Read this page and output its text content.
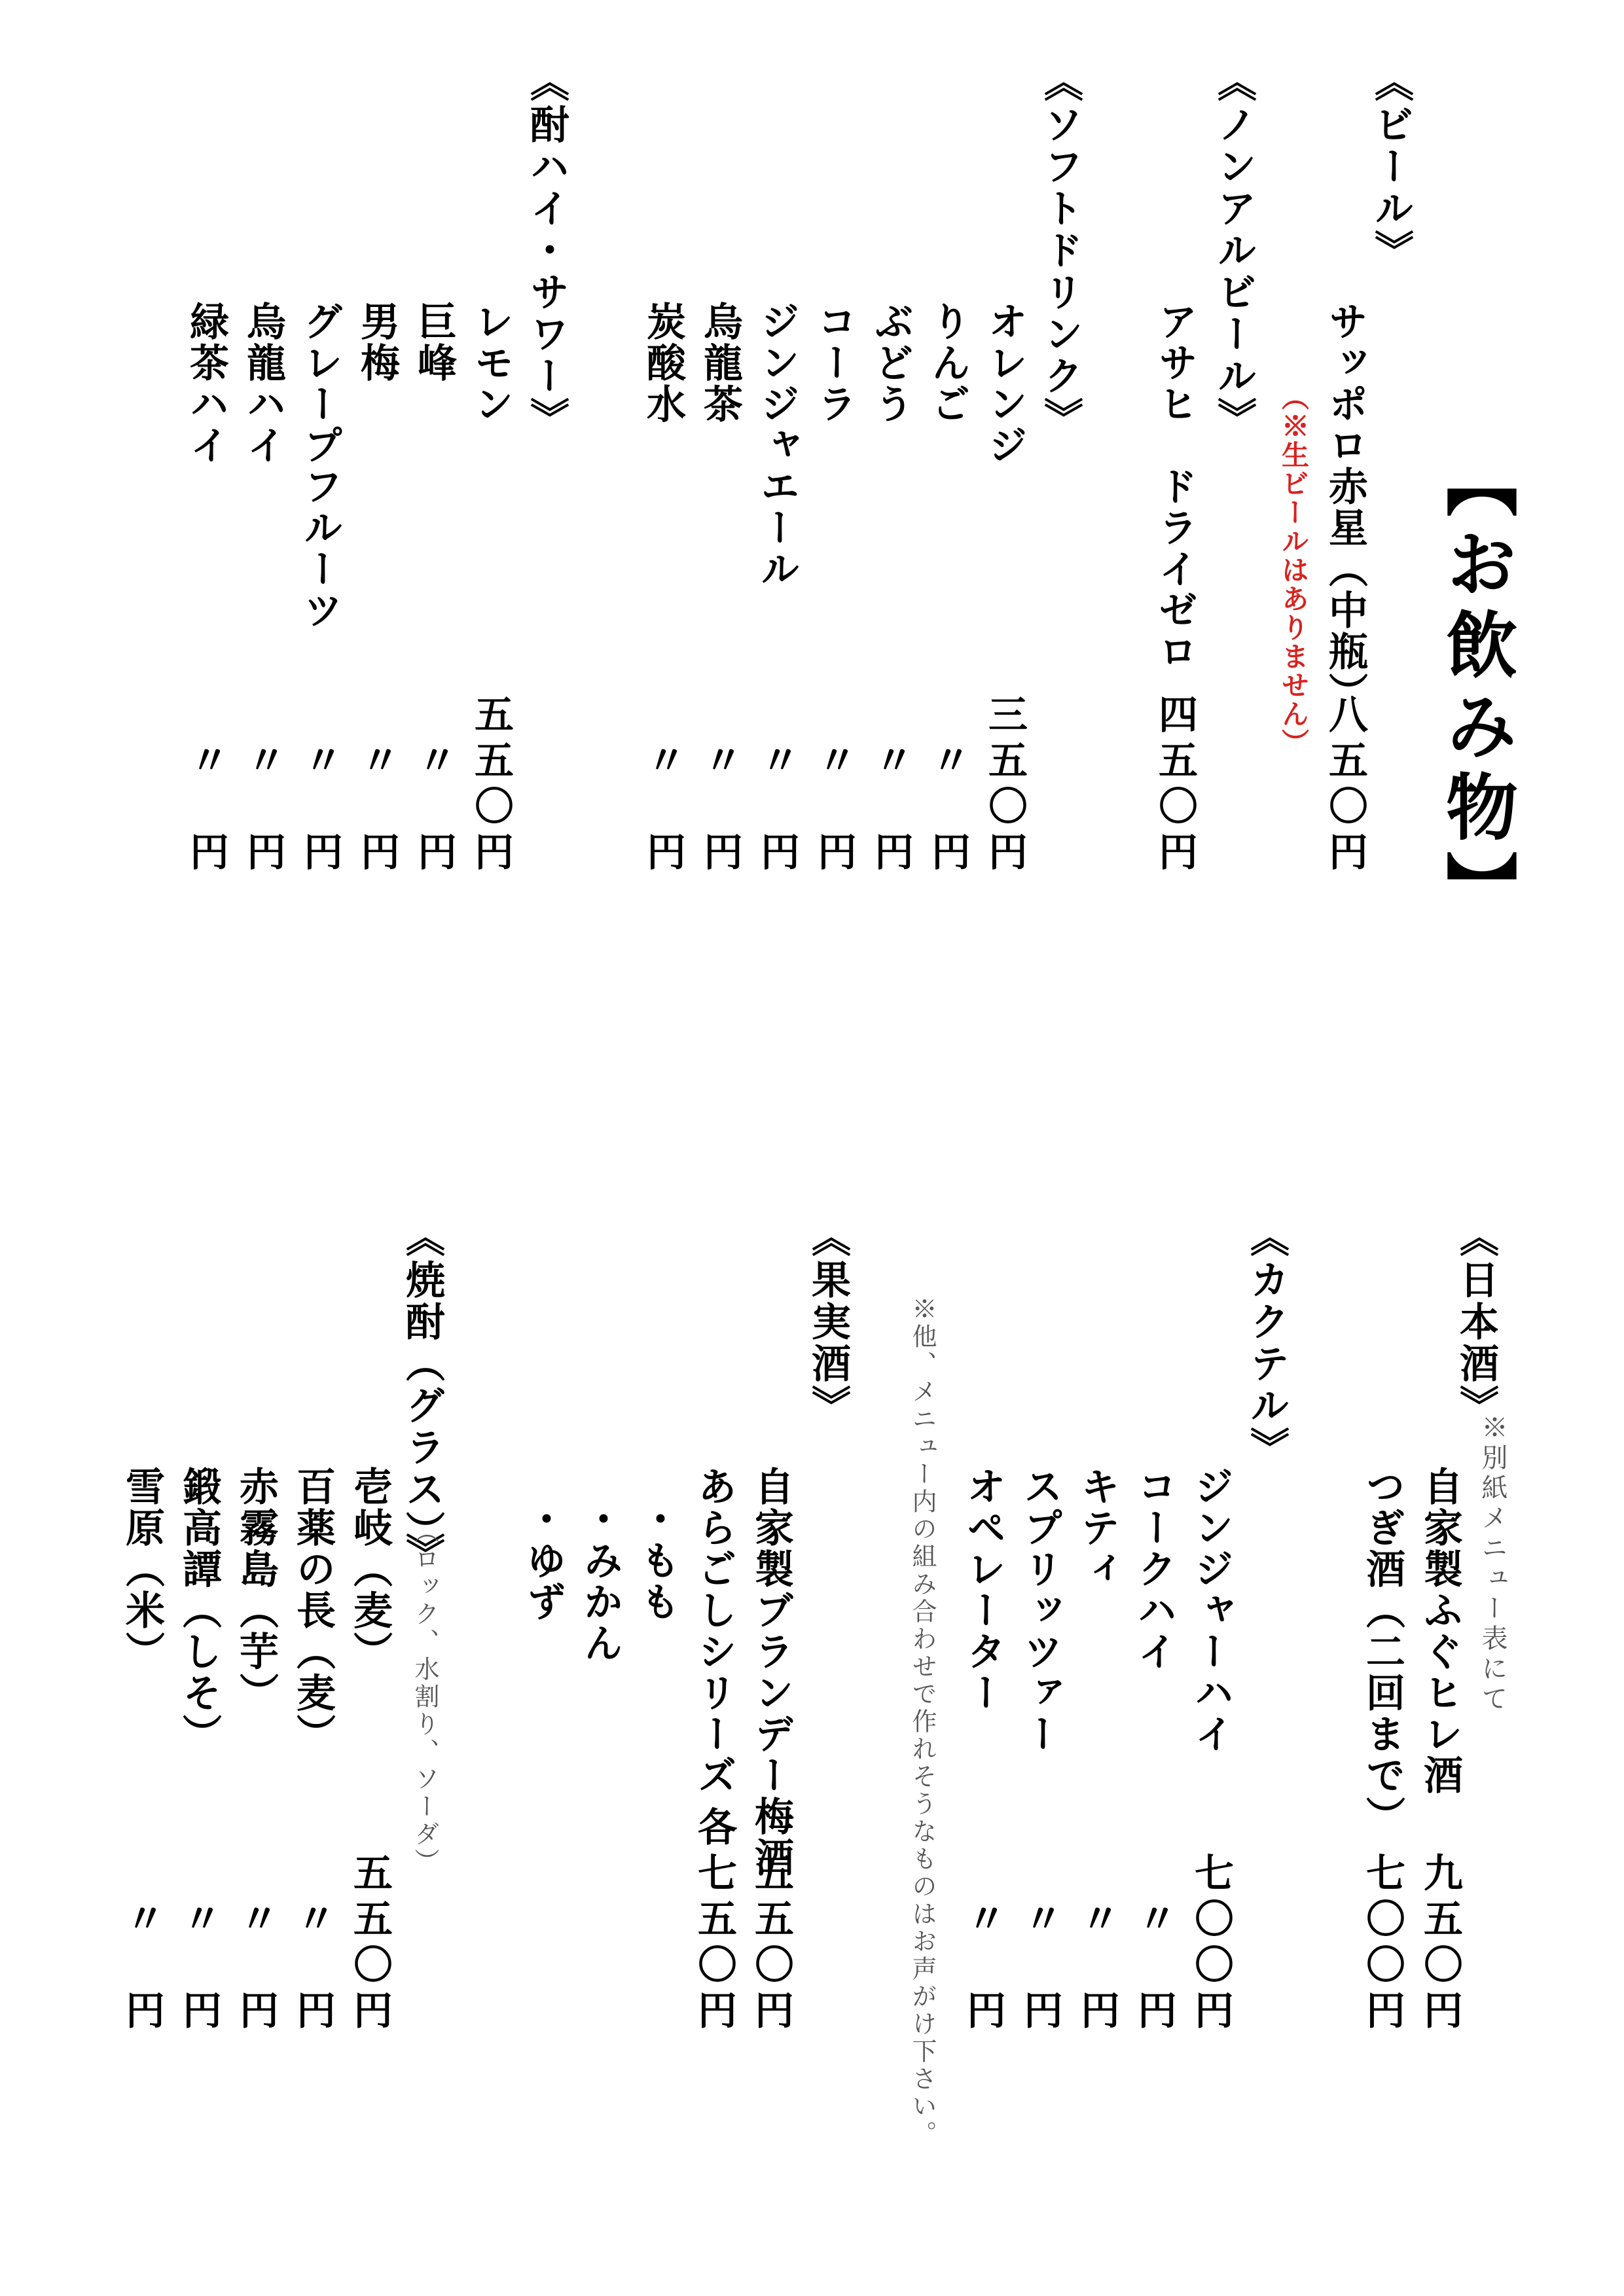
【お飲み物】
《ビール》
サッポロ赤星（中瓶）
八五〇円
（※生ビールはありません）
《ノンアルビール》
アサヒ　ドライゼロ
四五〇円
《ソフトドリンク》
オレンジ
三五〇円
りんご
〃　円
ぶどう
〃　円
コーラ
〃　円
ジンジャエール
〃　円
烏龍茶
〃　円
炭酸水
〃　円
《酎ハイ・サワー》
レモン
五五〇円
巨峰
〃　円
男梅
〃　円
グレープフルーツ
〃　円
烏龍ハイ
〃　円
緑茶ハイ
〃　円
《日本酒》
※別紙メニュー表にて
自家製ふぐヒレ酒
九五〇円
つぎ酒（二回まで）
七〇〇円
《カクテル》
ジンジャーハイ
七〇〇円
コークハイ
〃　円
キティ
〃　円
スプリッツァー
〃　円
オペレーター
〃　円
※他、メニュー内の組み合わせで作れそうなものはお声がけ下さい。
《果実酒》
自家製ブランデー梅酒
五五〇円
あらごしシリーズ
各七五〇円
・もも
・みかん
・ゆず
《焼酎（グラス）》
（ロック、水割り、ソーダ）
壱岐（麦）
五五〇円
百薬の長（麦）
〃　円
赤霧島（芋）
〃　円
鍛高譚（しそ）
〃　円
雪原（米）
〃　円
